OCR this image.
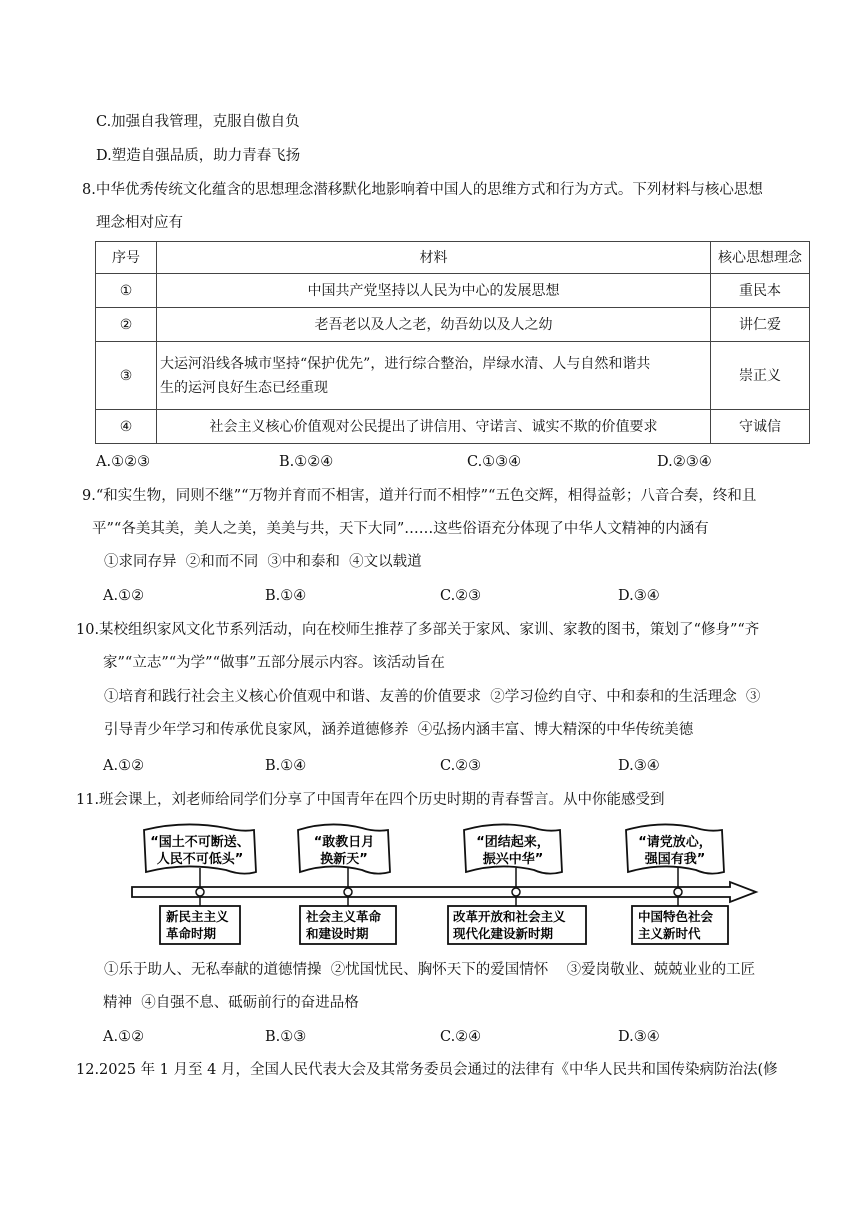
C.加强自我管理，克服自傲自负
D.塑造自强品质，助力青春飞扬
8.中华优秀传统文化蕴含的思想理念潜移默化地影响着中国人的思维方式和行为方式。下列材料与核心思想
理念相对应有
序号	材料	核心思想理念
①	中国共产党坚持以人民为中心的发展思想	重民本
②	老吾老以及人之老，幼吾幼以及人之幼	讲仁爱
③	大运河沿线各城市坚持“保护优先”，进行综合整治，岸绿水清、人与自然和谐共
生的运河良好生态已经重现	崇正义
④	社会主义核心价值观对公民提出了讲信用、守诺言、诚实不欺的价值要求	守诚信
A.①②③	B.①②④	C.①③④	D.②③④
9.“和实生物，同则不继”“万物并育而不相害，道并行而不相悖”“五色交辉，相得益彰；八音合奏，终和且
平”“各美其美，美人之美，美美与共，天下大同”……这些俗语充分体现了中华人文精神的内涵有
①求同存异  ②和而不同  ③中和泰和  ④文以载道
A.①②	B.①④	C.②③	D.③④
10.某校组织家风文化节系列活动，向在校师生推荐了多部关于家风、家训、家教的图书，策划了“修身”“齐
家”“立志”“为学”“做事”五部分展示内容。该活动旨在
①培育和践行社会主义核心价值观中和谐、友善的价值要求  ②学习俭约自守、中和泰和的生活理念  ③
引导青少年学习和传承优良家风，涵养道德修养  ④弘扬内涵丰富、博大精深的中华传统美德
A.①②	B.①④	C.②③	D.③④
11.班会课上，刘老师给同学们分享了中国青年在四个历史时期的青春誓言。从中你能感受到
“国土不可断送、
人民不可低头”
“敢教日月
换新天”
“团结起来，
振兴中华”
“请党放心，
强国有我”
新民主主义
革命时期
社会主义革命
和建设时期
改革开放和社会主义
现代化建设新时期
中国特色社会
主义新时代
①乐于助人、无私奉献的道德情操  ②忧国忧民、胸怀天下的爱国情怀    ③爱岗敬业、兢兢业业的工匠
精神  ④自强不息、砥砺前行的奋进品格
A.①②	B.①③	C.②④	D.③④
12.2025 年 1 月至 4 月，全国人民代表大会及其常务委员会通过的法律有《中华人民共和国传染病防治法(修
